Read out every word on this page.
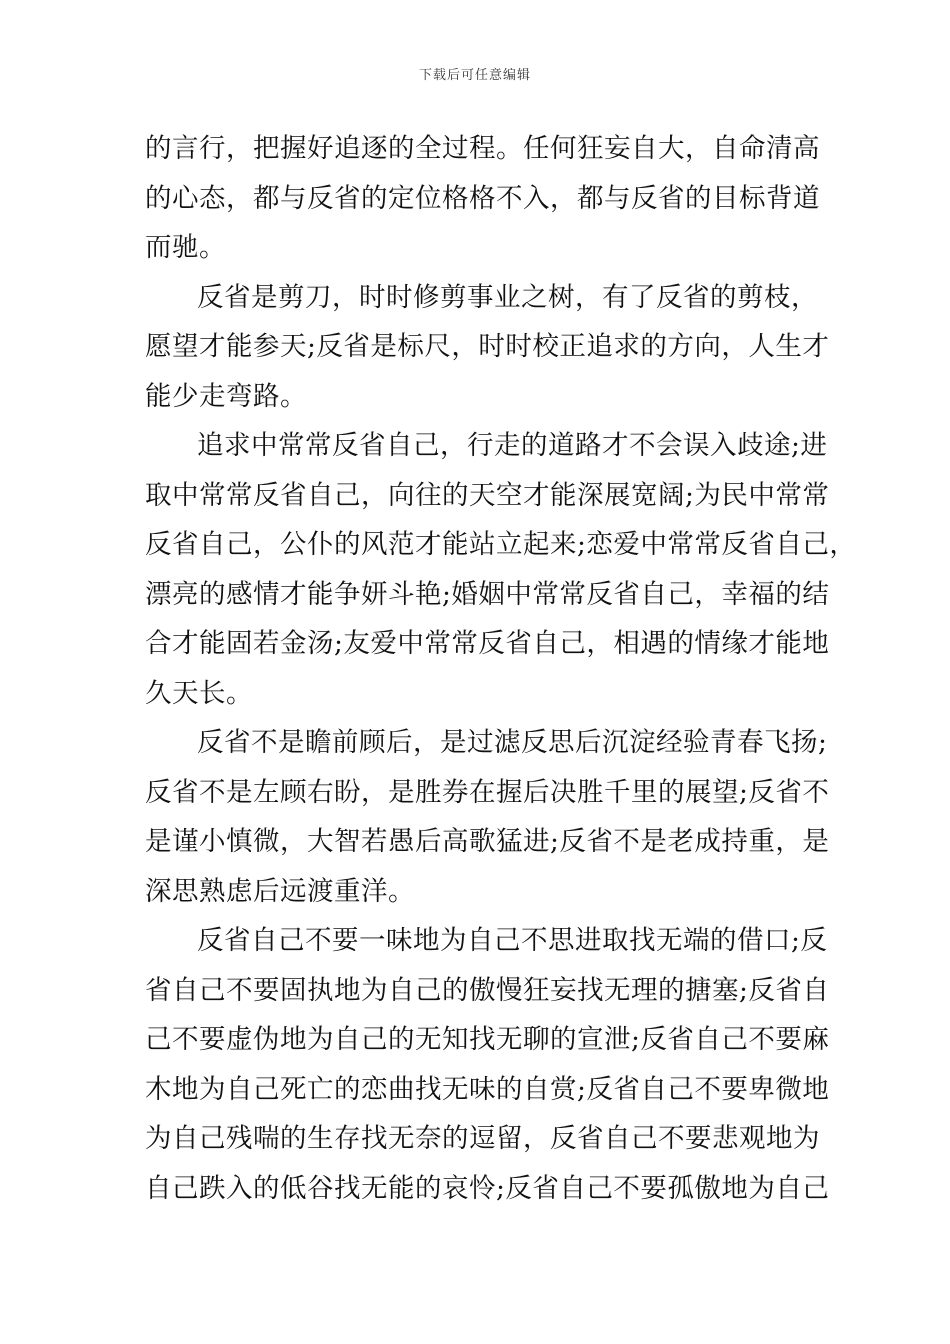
下载后可任意编辑
的言行，把握好追逐的全过程。任何狂妄自大，自命清高
的心态，都与反省的定位格格不入，都与反省的目标背道
而驰。
反省是剪刀，时时修剪事业之树，有了反省的剪枝，
愿望才能参天;反省是标尺，时时校正追求的方向，人生才
能少走弯路。
追求中常常反省自己，行走的道路才不会误入歧途;进
取中常常反省自己，向往的天空才能深展宽阔;为民中常常
反省自己，公仆的风范才能站立起来;恋爱中常常反省自己，
漂亮的感情才能争妍斗艳;婚姻中常常反省自己，幸福的结
合才能固若金汤;友爱中常常反省自己，相遇的情缘才能地
久天长。
反省不是瞻前顾后，是过滤反思后沉淀经验青春飞扬;
反省不是左顾右盼，是胜券在握后决胜千里的展望;反省不
是谨小慎微，大智若愚后高歌猛进;反省不是老成持重，是
深思熟虑后远渡重洋。
反省自己不要一味地为自己不思进取找无端的借口;反
省自己不要固执地为自己的傲慢狂妄找无理的搪塞;反省自
己不要虚伪地为自己的无知找无聊的宣泄;反省自己不要麻
木地为自己死亡的恋曲找无味的自赏;反省自己不要卑微地
为自己残喘的生存找无奈的逗留，反省自己不要悲观地为
自己跌入的低谷找无能的哀怜;反省自己不要孤傲地为自己
